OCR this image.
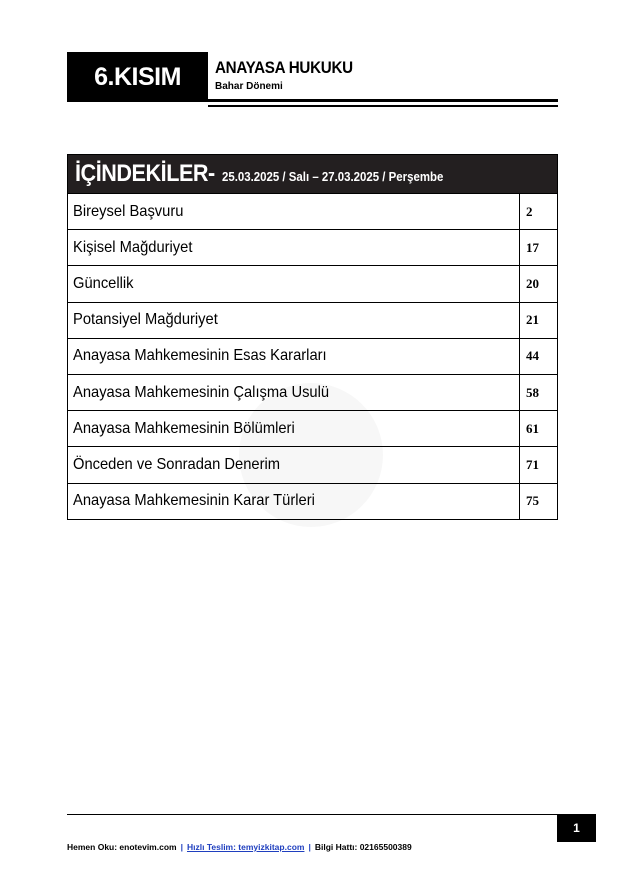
6.KISIM	ANAYASA HUKUKU
Bahar Dönemi
İÇİNDEKİLER- 25.03.2025 / Salı – 27.03.2025 / Perşembe
Bireysel Başvuru	2
Kişisel Mağduriyet	17
Güncellik	20
Potansiyel Mağduriyet	21
Anayasa Mahkemesinin Esas Kararları	44
Anayasa Mahkemesinin Çalışma Usulü	58
Anayasa Mahkemesinin Bölümleri	61
Önceden ve Sonradan Denerim	71
Anayasa Mahkemesinin Karar Türleri	75
1
Hemen Oku: enotevim.com | Hızlı Teslim: temyizkitap.com | Bilgi Hattı: 02165500389
